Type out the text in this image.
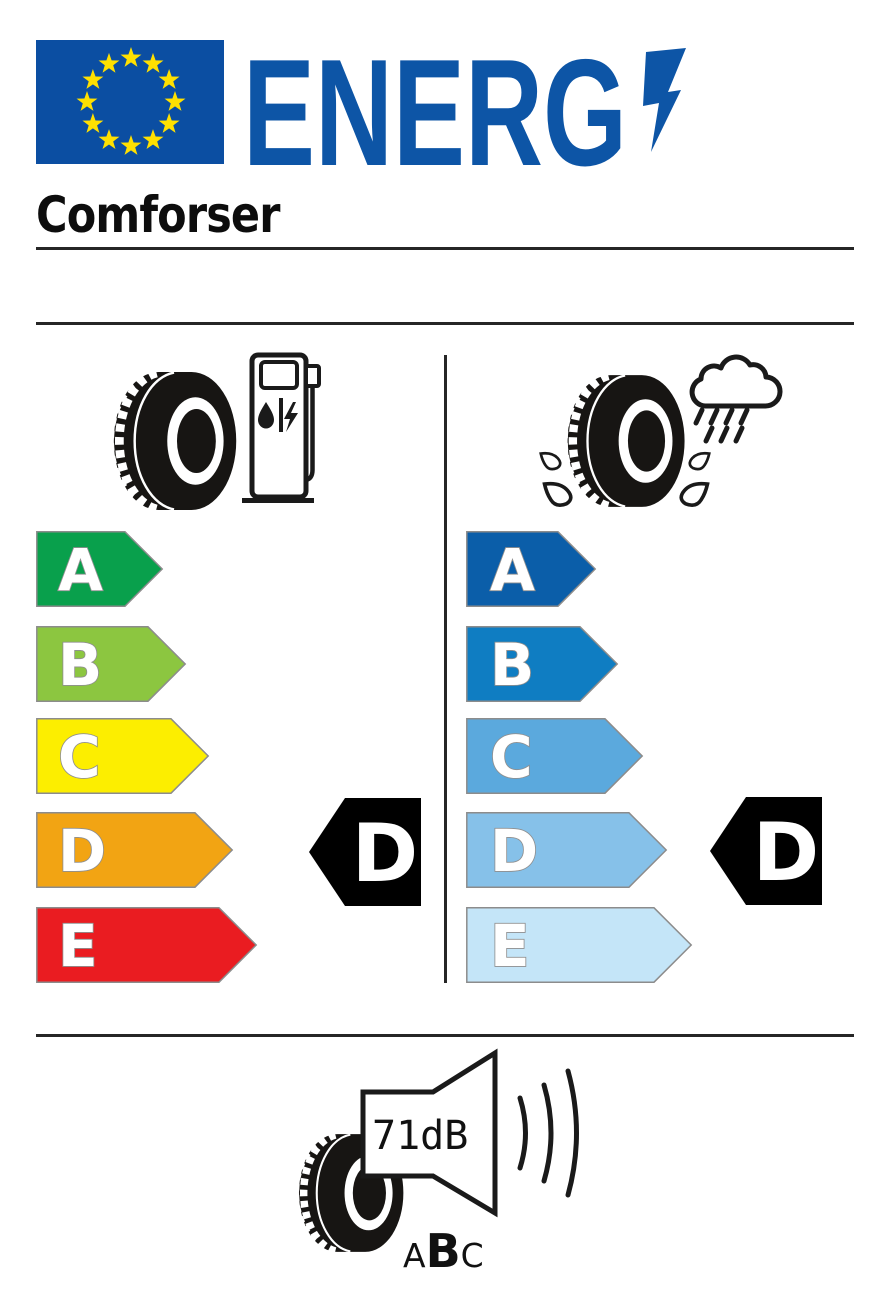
ENERG
Comforser
A
B
C
D
E
D
A
B
C
D
E
D
71dB
ABC
